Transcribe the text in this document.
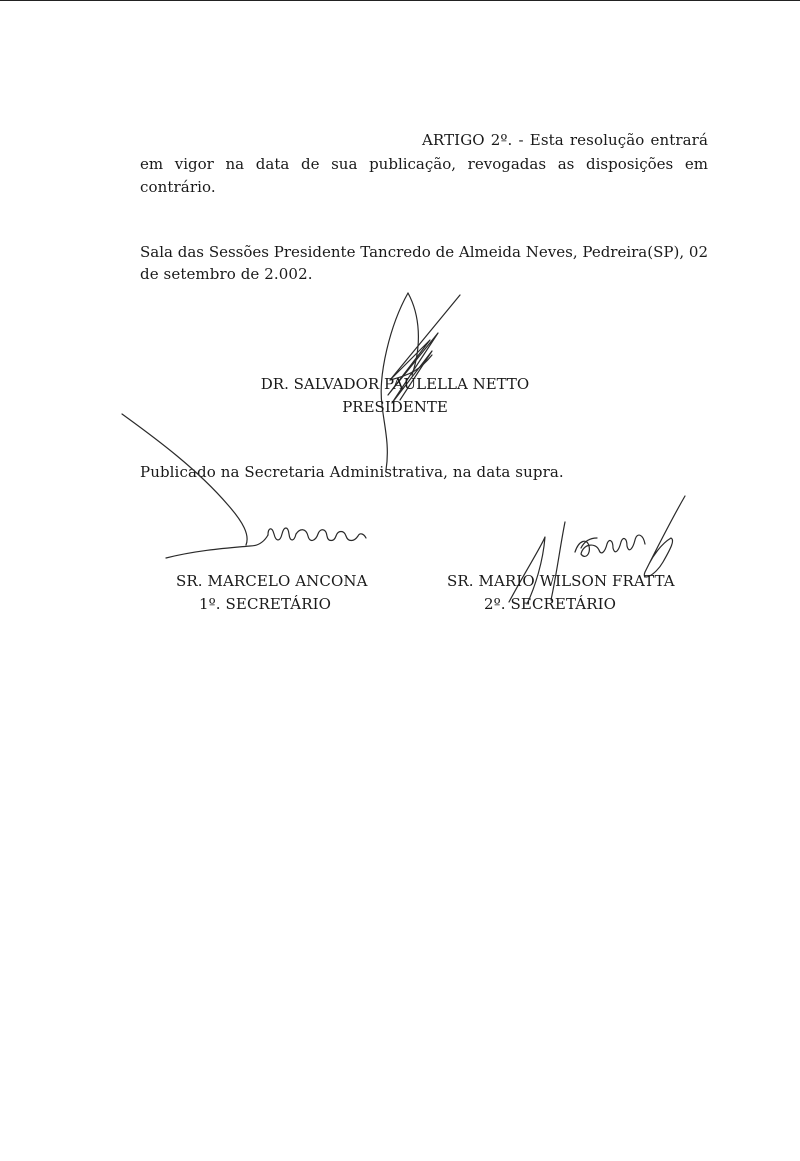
ARTIGO 2º. - Esta resolução entrará
em vigor na data de sua publicação, revogadas as disposições em
contrário.
Sala das Sessões Presidente Tancredo de Almeida Neves, Pedreira(SP), 02
de setembro de 2.002.
DR. SALVADOR PAULELLA NETTO
PRESIDENTE
Publicado na Secretaria Administrativa, na data supra.
SR. MARCELO ANCONA
1º. SECRETÁRIO
SR. MARIO WILSON FRATTA
2º. SECRETÁRIO
